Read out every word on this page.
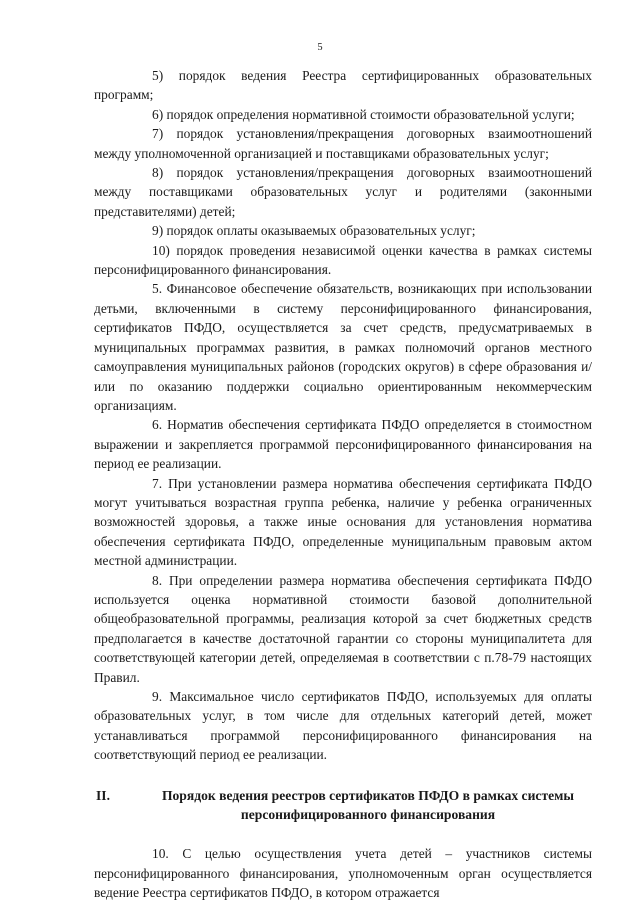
5

5) порядок ведения Реестра сертифицированных образовательных программ;

6) порядок определения нормативной стоимости образовательной услуги;

7) порядок установления/прекращения договорных взаимоотношений между уполномоченной организацией и поставщиками образовательных услуг;

8) порядок установления/прекращения договорных взаимоотношений между поставщиками образовательных услуг и родителями (законными представителями) детей;

9) порядок оплаты оказываемых образовательных услуг;

10) порядок проведения независимой оценки качества в рамках системы персонифицированного финансирования.

5. Финансовое обеспечение обязательств, возникающих при использовании детьми, включенными в систему персонифицированного финансирования, сертификатов ПФДО, осуществляется за счет средств, предусматриваемых в муниципальных программах развития, в рамках полномочий органов местного самоуправления муниципальных районов (городских округов) в сфере образования и/или по оказанию поддержки социально ориентированным некоммерческим организациям.

6. Норматив обеспечения сертификата ПФДО определяется в стоимостном выражении и закрепляется программой персонифицированного финансирования на период ее реализации.

7. При установлении размера норматива обеспечения сертификата ПФДО могут учитываться возрастная группа ребенка, наличие у ребенка ограниченных возможностей здоровья, а также иные основания для установления норматива обеспечения сертификата ПФДО, определенные муниципальным правовым актом местной администрации.

8. При определении размера норматива обеспечения сертификата ПФДО используется оценка нормативной стоимости базовой дополнительной общеобразовательной программы, реализация которой за счет бюджетных средств предполагается в качестве достаточной гарантии со стороны муниципалитета для соответствующей категории детей, определяемая в соответствии с п.78-79 настоящих Правил.

9. Максимальное число сертификатов ПФДО, используемых для оплаты образовательных услуг, в том числе для отдельных категорий детей, может устанавливаться программой персонифицированного финансирования на соответствующий период ее реализации.

II.	Порядок ведения реестров сертификатов ПФДО в рамках системы персонифицированного финансирования

10. С целью осуществления учета детей – участников системы персонифицированного финансирования, уполномоченным орган осуществляется ведение Реестра сертификатов ПФДО, в котором отражается
